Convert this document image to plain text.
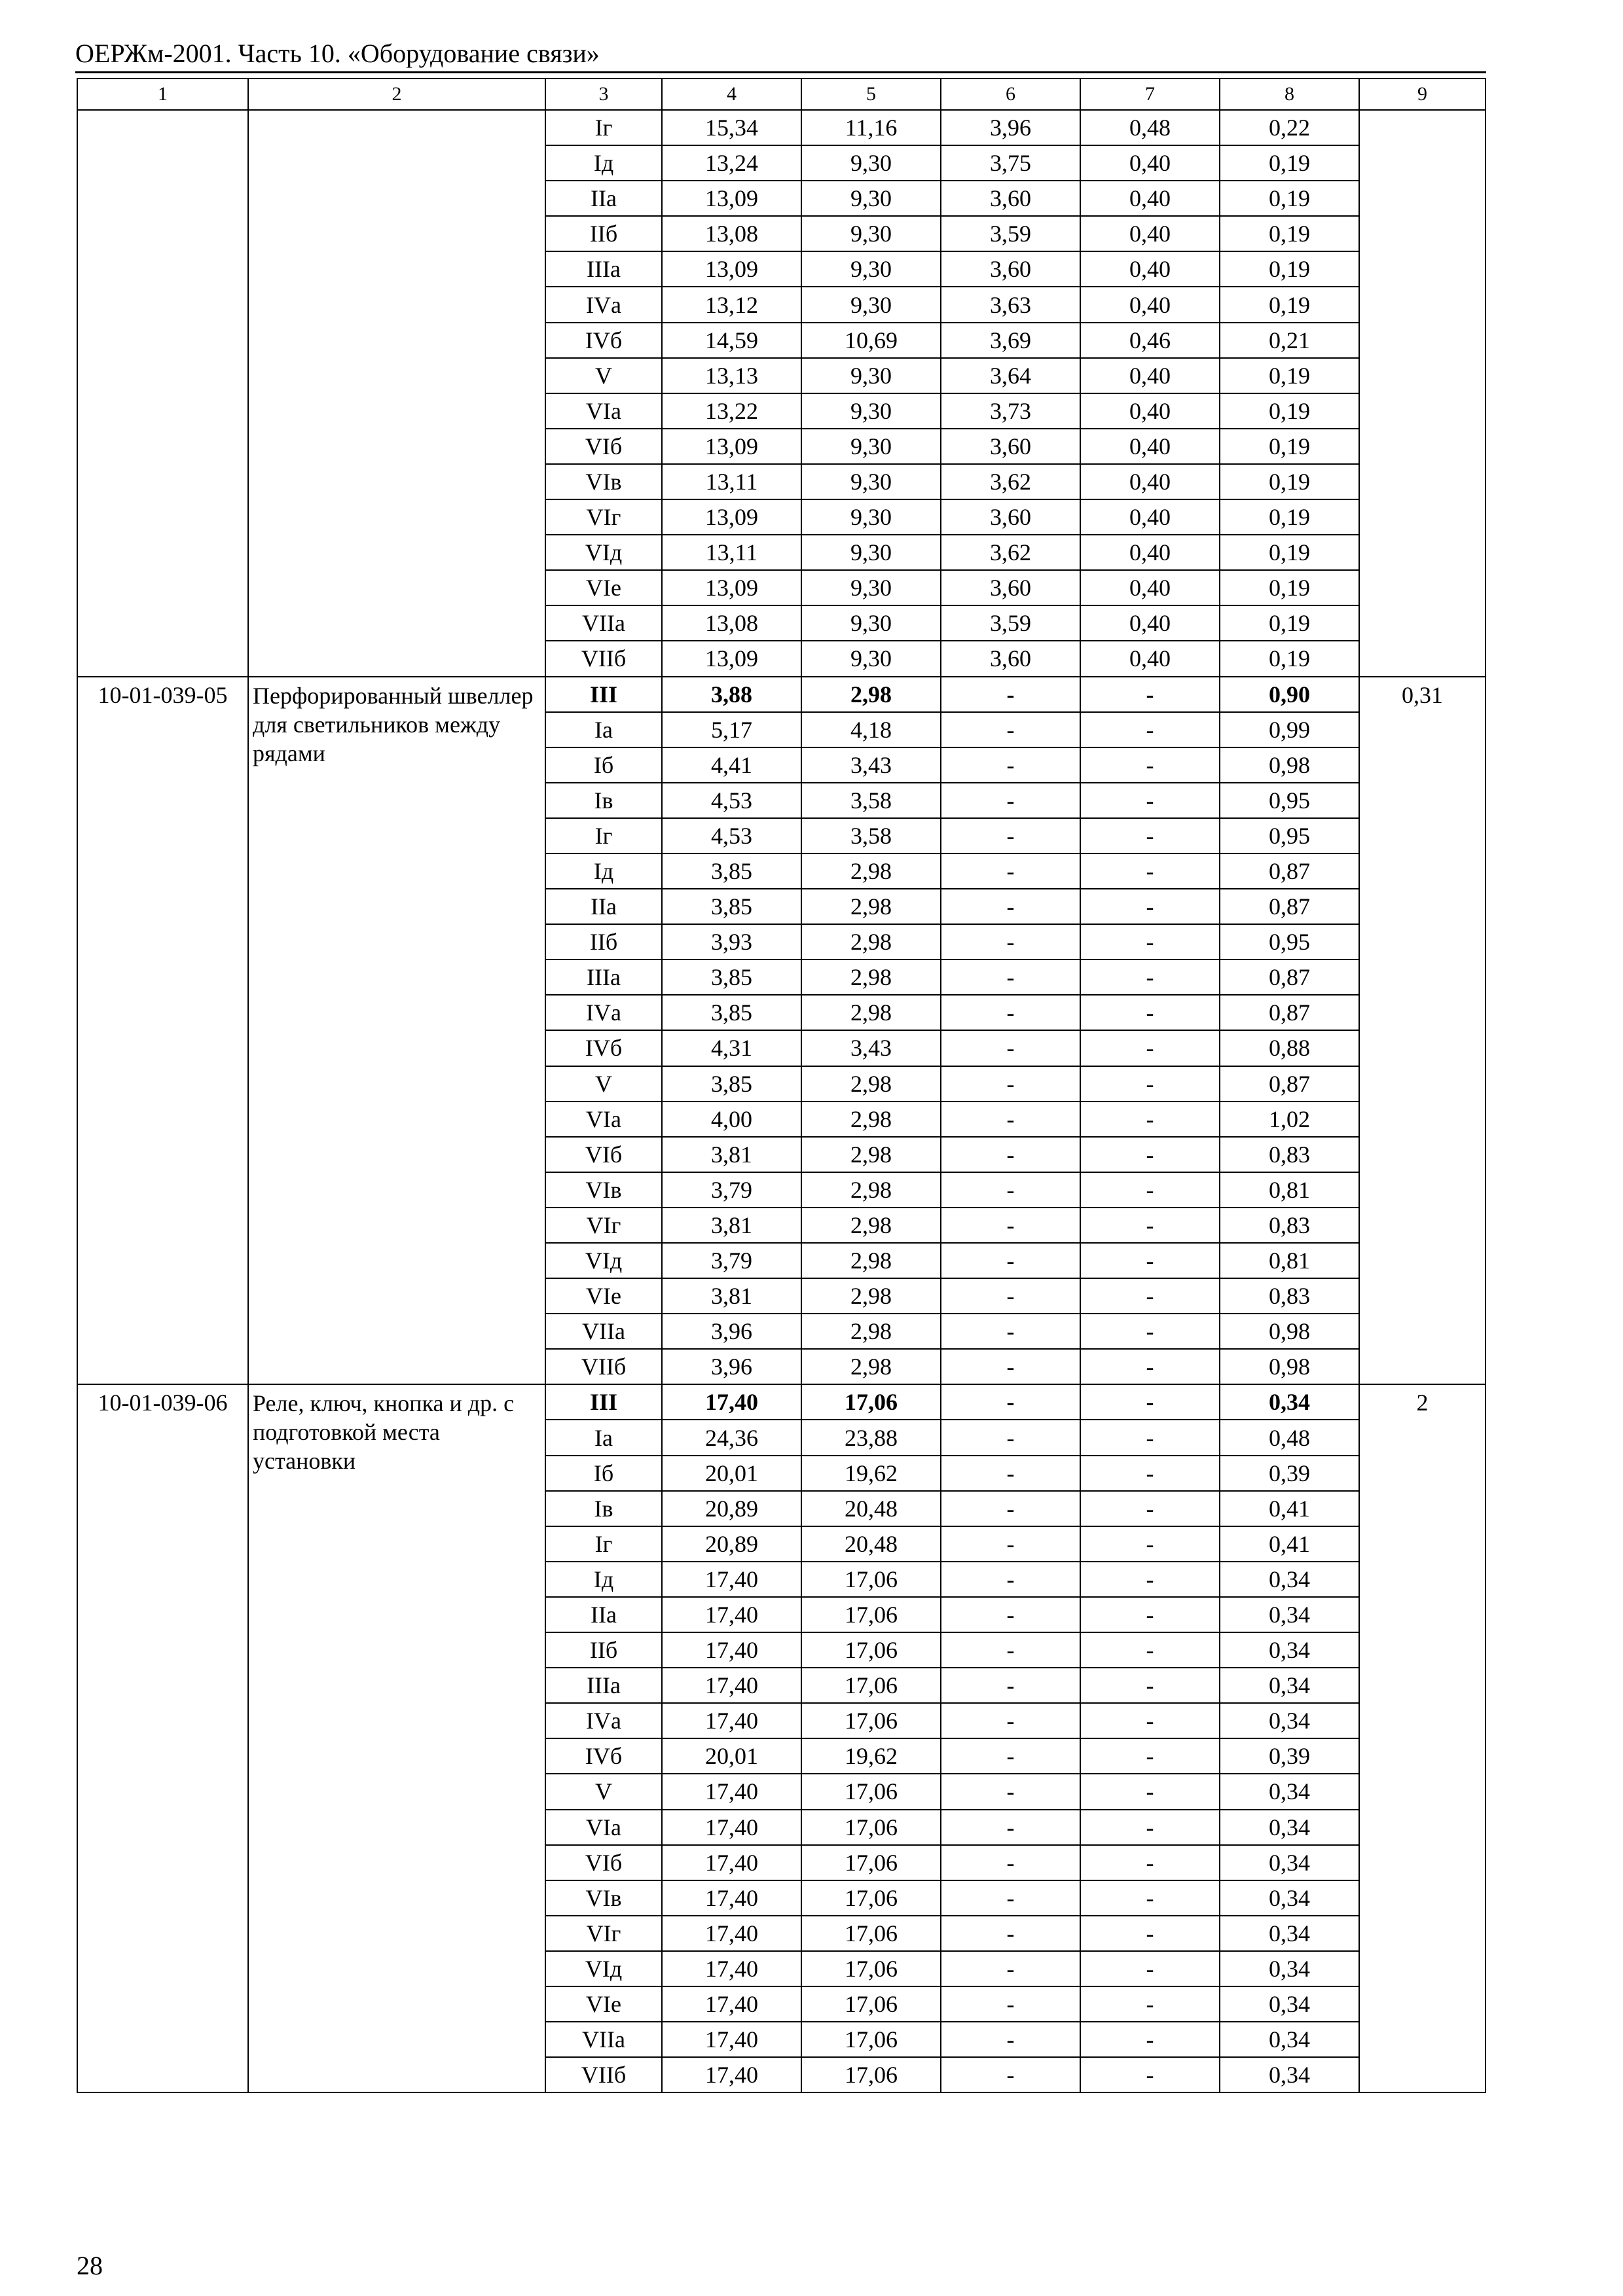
ОЕРЖм-2001. Часть 10. «Оборудование связи»
1	2	3	4	5	6	7	8	9
		Iг	15,34	11,16	3,96	0,48	0,22	
		Iд	13,24	9,30	3,75	0,40	0,19	
		IIа	13,09	9,30	3,60	0,40	0,19	
		IIб	13,08	9,30	3,59	0,40	0,19	
		IIIа	13,09	9,30	3,60	0,40	0,19	
		IVа	13,12	9,30	3,63	0,40	0,19	
		IVб	14,59	10,69	3,69	0,46	0,21	
		V	13,13	9,30	3,64	0,40	0,19	
		VIа	13,22	9,30	3,73	0,40	0,19	
		VIб	13,09	9,30	3,60	0,40	0,19	
		VIв	13,11	9,30	3,62	0,40	0,19	
		VIг	13,09	9,30	3,60	0,40	0,19	
		VIд	13,11	9,30	3,62	0,40	0,19	
		VIе	13,09	9,30	3,60	0,40	0,19	
		VIIа	13,08	9,30	3,59	0,40	0,19	
		VIIб	13,09	9,30	3,60	0,40	0,19	
10-01-039-05	Перфорированный швеллер для светильников между рядами	III	3,88	2,98	-	-	0,90	0,31
		Iа	5,17	4,18	-	-	0,99	
		Iб	4,41	3,43	-	-	0,98	
		Iв	4,53	3,58	-	-	0,95	
		Iг	4,53	3,58	-	-	0,95	
		Iд	3,85	2,98	-	-	0,87	
		IIа	3,85	2,98	-	-	0,87	
		IIб	3,93	2,98	-	-	0,95	
		IIIа	3,85	2,98	-	-	0,87	
		IVа	3,85	2,98	-	-	0,87	
		IVб	4,31	3,43	-	-	0,88	
		V	3,85	2,98	-	-	0,87	
		VIа	4,00	2,98	-	-	1,02	
		VIб	3,81	2,98	-	-	0,83	
		VIв	3,79	2,98	-	-	0,81	
		VIг	3,81	2,98	-	-	0,83	
		VIд	3,79	2,98	-	-	0,81	
		VIе	3,81	2,98	-	-	0,83	
		VIIа	3,96	2,98	-	-	0,98	
		VIIб	3,96	2,98	-	-	0,98	
10-01-039-06	Реле, ключ, кнопка и др. с подготовкой места установки	III	17,40	17,06	-	-	0,34	2
		Iа	24,36	23,88	-	-	0,48	
		Iб	20,01	19,62	-	-	0,39	
		Iв	20,89	20,48	-	-	0,41	
		Iг	20,89	20,48	-	-	0,41	
		Iд	17,40	17,06	-	-	0,34	
		IIа	17,40	17,06	-	-	0,34	
		IIб	17,40	17,06	-	-	0,34	
		IIIа	17,40	17,06	-	-	0,34	
		IVа	17,40	17,06	-	-	0,34	
		IVб	20,01	19,62	-	-	0,39	
		V	17,40	17,06	-	-	0,34	
		VIа	17,40	17,06	-	-	0,34	
		VIб	17,40	17,06	-	-	0,34	
		VIв	17,40	17,06	-	-	0,34	
		VIг	17,40	17,06	-	-	0,34	
		VIд	17,40	17,06	-	-	0,34	
		VIе	17,40	17,06	-	-	0,34	
		VIIа	17,40	17,06	-	-	0,34	
		VIIб	17,40	17,06	-	-	0,34	
28
